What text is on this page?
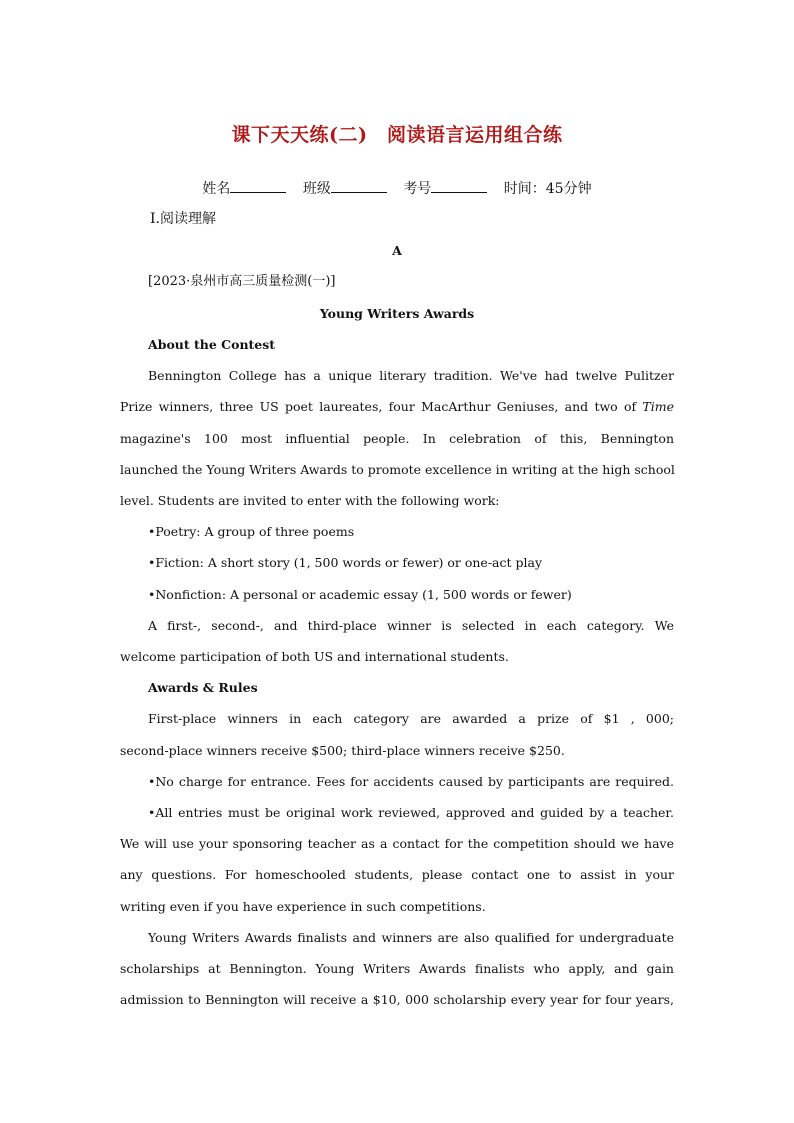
课下天天练(二)　阅读语言运用组合练
姓名	班级	考号	时间：45分钟
Ⅰ.阅读理解
A
[2023·泉州市高三质量检测(一)]
Young Writers Awards
About the Contest
Bennington College has a unique literary tradition. We've had twelve Pulitzer
Prize winners, three US poet laureates, four MacArthur Geniuses, and two of Time
magazine's 100 most influential people. In celebration of this, Bennington
launched the Young Writers Awards to promote excellence in writing at the high school
level. Students are invited to enter with the following work:
•Poetry: A group of three poems
•Fiction: A short story (1, 500 words or fewer) or one-act play
•Nonfiction: A personal or academic essay (1, 500 words or fewer)
A first-, second-, and third-place winner is selected in each category. We
welcome participation of both US and international students.
Awards & Rules
First-place winners in each category are awarded a prize of $1 , 000;
second-place winners receive $500; third-place winners receive $250.
•No charge for entrance. Fees for accidents caused by participants are required.
•All entries must be original work reviewed, approved and guided by a teacher.
We will use your sponsoring teacher as a contact for the competition should we have
any questions. For homeschooled students, please contact one to assist in your
writing even if you have experience in such competitions.
Young Writers Awards finalists and winners are also qualified for undergraduate
scholarships at Bennington. Young Writers Awards finalists who apply, and gain
admission to Bennington will receive a $10, 000 scholarship every year for four years,
